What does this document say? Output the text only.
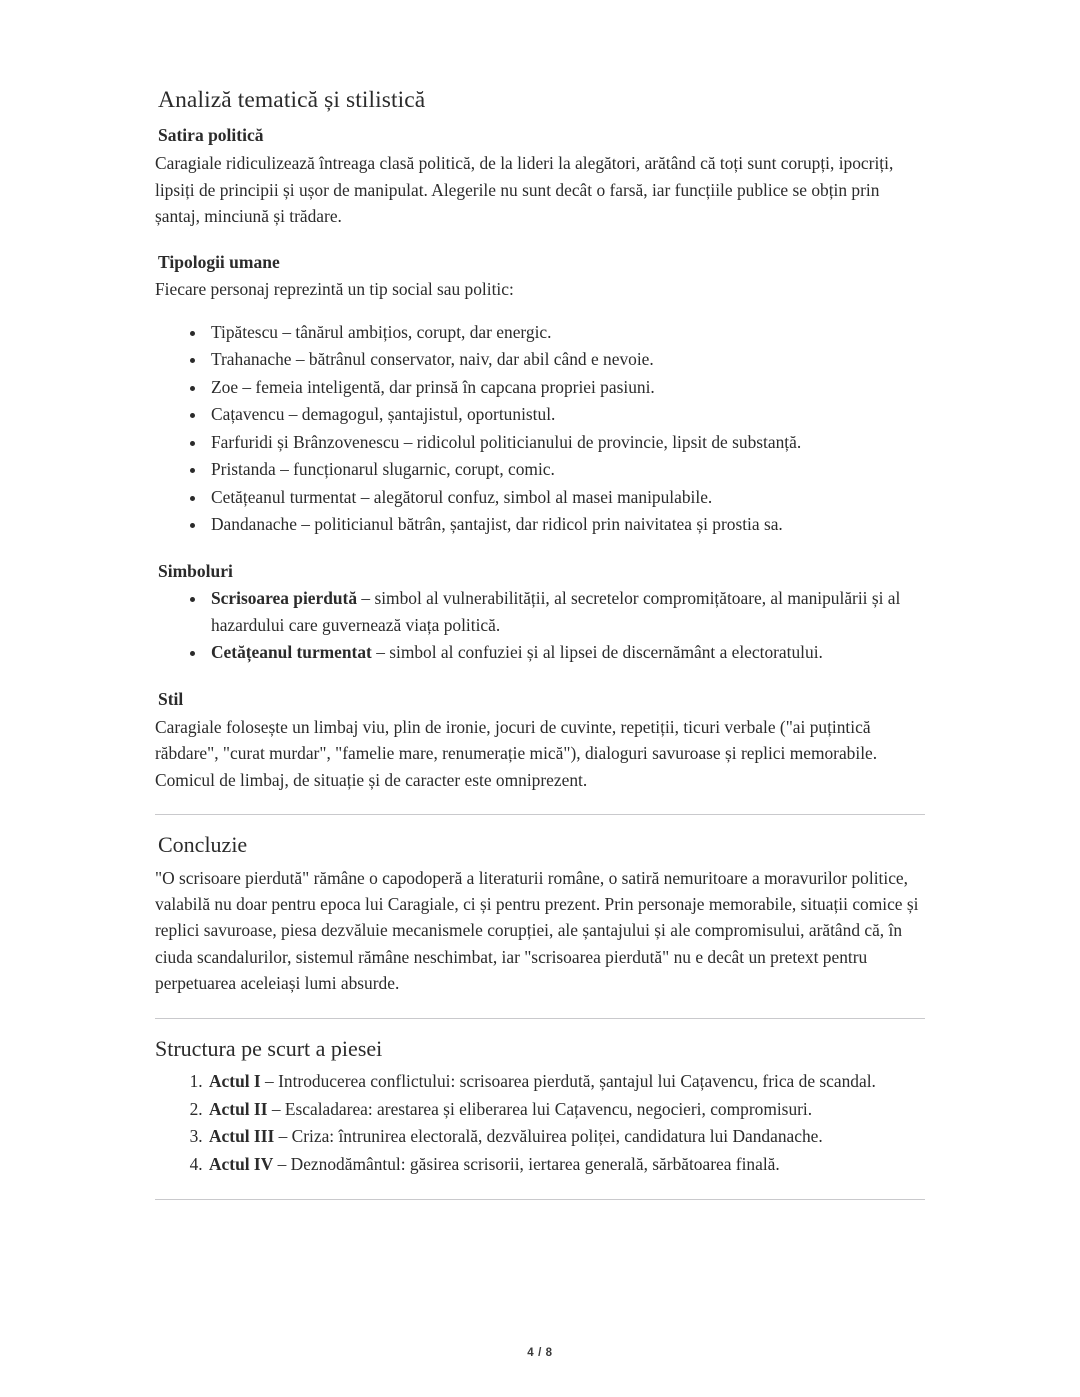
Analiză tematică și stilistică
Satira politică

Caragiale ridiculizează întreaga clasă politică, de la lideri la alegători, arătând că toți sunt corupți, ipocriți, lipsiți de principii și ușor de manipulat. Alegerile nu sunt decât o farsă, iar funcțiile publice se obțin prin șantaj, minciună și trădare.

Tipologii umane

Fiecare personaj reprezintă un tip social sau politic:

• Tipătescu – tânărul ambițios, corupt, dar energic.
• Trahanache – bătrânul conservator, naiv, dar abil când e nevoie.
• Zoe – femeia inteligentă, dar prinsă în capcana propriei pasiuni.
• Cațavencu – demagogul, șantajistul, oportunistul.
• Farfuridi și Brânzovenescu – ridicolul politicianului de provincie, lipsit de substanță.
• Pristanda – funcționarul slugarnic, corupt, comic.
• Cetățeanul turmentat – alegătorul confuz, simbol al masei manipulabile.
• Dandanache – politicianul bătrân, șantajist, dar ridicol prin naivitatea și prostia sa.
Simboluri
• Scrisoarea pierdută – simbol al vulnerabilității, al secretelor compromițătoare, al manipulării și al hazardului care guvernează viața politică.
• Cetățeanul turmentat – simbol al confuziei și al lipsei de discernământ a electoratului.
Stil

Caragiale folosește un limbaj viu, plin de ironie, jocuri de cuvinte, repetiții, ticuri verbale ("ai puțintică răbdare", "curat murdar", "famelie mare, renumerație mică"), dialoguri savuroase și replici memorabile. Comicul de limbaj, de situație și de caracter este omniprezent.

Concluzie

"O scrisoare pierdută" rămâne o capodoperă a literaturii române, o satiră nemuritoare a moravurilor politice, valabilă nu doar pentru epoca lui Caragiale, ci și pentru prezent. Prin personaje memorabile, situații comice și replici savuroase, piesa dezvăluie mecanismele corupției, ale șantajului și ale compromisului, arătând că, în ciuda scandalurilor, sistemul rămâne neschimbat, iar "scrisoarea pierdută" nu e decât un pretext pentru perpetuarea aceleiași lumi absurde.

Structura pe scurt a piesei
1. Actul I – Introducerea conflictului: scrisoarea pierdută, șantajul lui Cațavencu, frica de scandal.
2. Actul II – Escaladarea: arestarea și eliberarea lui Cațavencu, negocieri, compromisuri.
3. Actul III – Criza: întrunirea electorală, dezvăluirea poliței, candidatura lui Dandanache.
4. Actul IV – Deznodământul: găsirea scrisorii, iertarea generală, sărbătoarea finală.
4 / 8
